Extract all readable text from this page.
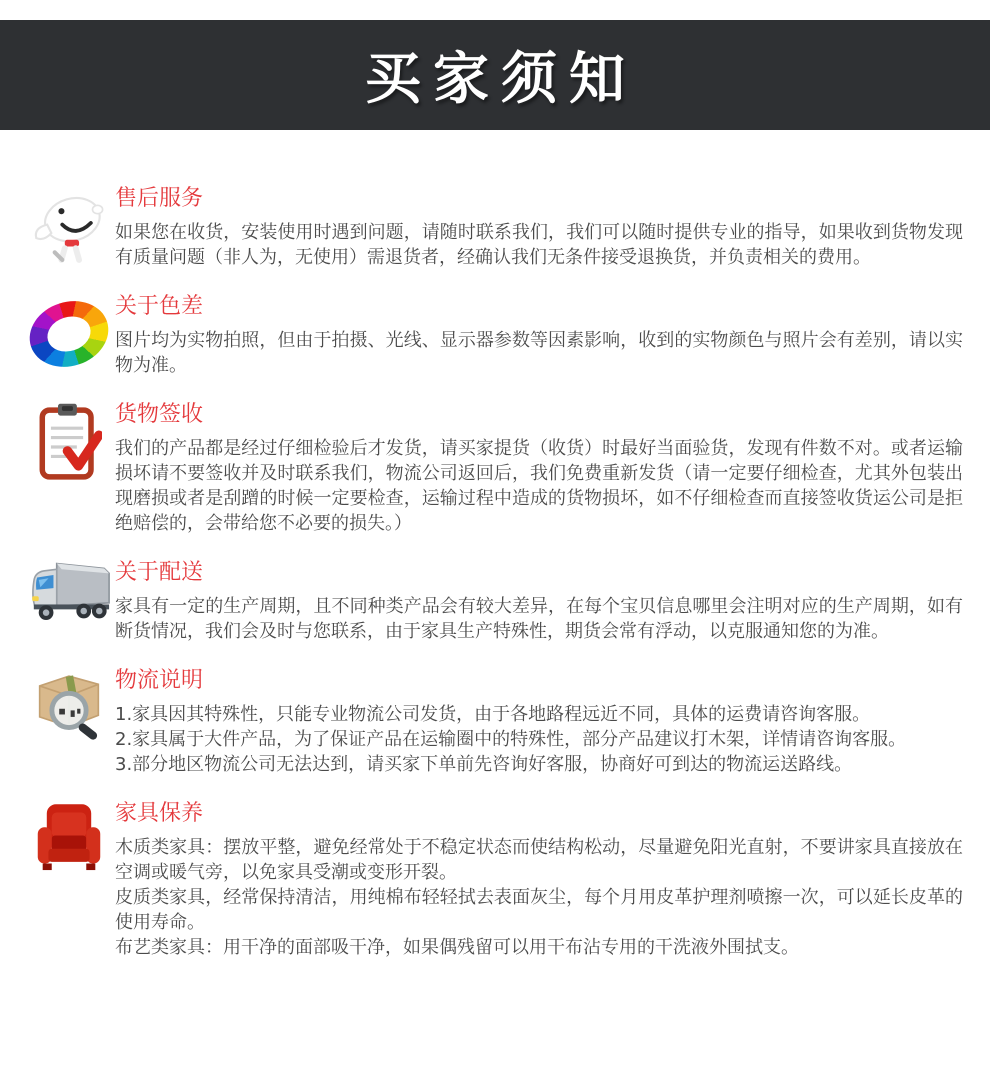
买家须知
售后服务

如果您在收货，安装使用时遇到问题，请随时联系我们，我们可以随时提供专业的指导，如果收到货物发现有质量问题（非人为，无使用）需退货者，经确认我们无条件接受退换货，并负责相关的费用。

关于色差

图片均为实物拍照，但由于拍摄、光线、显示器参数等因素影响，收到的实物颜色与照片会有差别，请以实物为准。

货物签收

我们的产品都是经过仔细检验后才发货，请买家提货（收货）时最好当面验货，发现有件数不对。或者运输损坏请不要签收并及时联系我们，物流公司返回后，我们免费重新发货（请一定要仔细检查，尤其外包装出现磨损或者是刮蹭的时候一定要检查，运输过程中造成的货物损坏，如不仔细检查而直接签收货运公司是拒绝赔偿的，会带给您不必要的损失。）

关于配送

家具有一定的生产周期，且不同种类产品会有较大差异，在每个宝贝信息哪里会注明对应的生产周期，如有断货情况，我们会及时与您联系，由于家具生产特殊性，期货会常有浮动，以克服通知您的为准。

物流说明

1.家具因其特殊性，只能专业物流公司发货，由于各地路程远近不同，具体的运费请咨询客服。

2.家具属于大件产品，为了保证产品在运输圈中的特殊性，部分产品建议打木架，详情请咨询客服。

3.部分地区物流公司无法达到，请买家下单前先咨询好客服，协商好可到达的物流运送路线。

家具保养

木质类家具：摆放平整，避免经常处于不稳定状态而使结构松动，尽量避免阳光直射，不要讲家具直接放在空调或暖气旁，以免家具受潮或变形开裂。

皮质类家具，经常保持清洁，用纯棉布轻轻拭去表面灰尘，每个月用皮革护理剂喷擦一次，可以延长皮革的使用寿命。

布艺类家具：用干净的面部吸干净，如果偶残留可以用干布沾专用的干洗液外围拭支。
